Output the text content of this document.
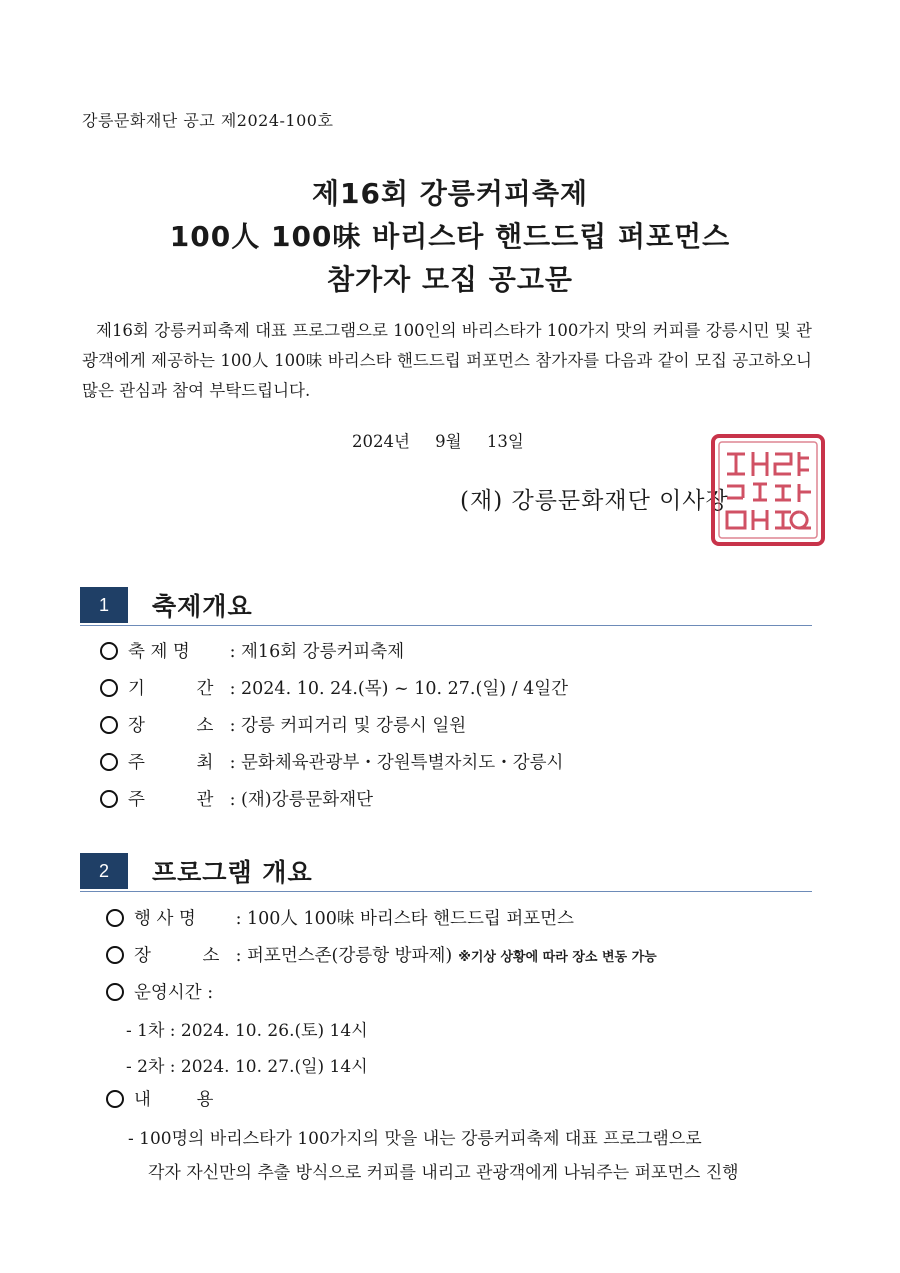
강릉문화재단 공고 제2024-100호
제16회 강릉커피축제
100人 100味 바리스타 핸드드립 퍼포먼스
참가자 모집 공고문
제16회 강릉커피축제 대표 프로그램으로 100인의 바리스타가 100가지 맛의 커피를 강릉시민 및 관광객에게 제공하는 100人 100味 바리스타 핸드드립 퍼포먼스 참가자를 다음과 같이 모집 공고하오니 많은 관심과 참여 부탁드립니다.
2024년 9월 13일
(재) 강릉문화재단 이사장
1	축제개요
축 제 명 : 제16회 강릉커피축제
기 간 : 2024. 10. 24.(목) ~ 10. 27.(일) / 4일간
장 소 : 강릉 커피거리 및 강릉시 일원
주 최 : 문화체육관광부・강원특별자치도・강릉시
주 관 : (재)강릉문화재단
2	프로그램 개요
행 사 명 : 100人 100味 바리스타 핸드드립 퍼포먼스
장 소 : 퍼포먼스존(강릉항 방파제) ※기상 상황에 따라 장소 변동 가능
운영시간 :
- 1차 : 2024. 10. 26.(토) 14시
- 2차 : 2024. 10. 27.(일) 14시
내 용
- 100명의 바리스타가 100가지의 맛을 내는 강릉커피축제 대표 프로그램으로
각자 자신만의 추출 방식으로 커피를 내리고 관광객에게 나눠주는 퍼포먼스 진행
